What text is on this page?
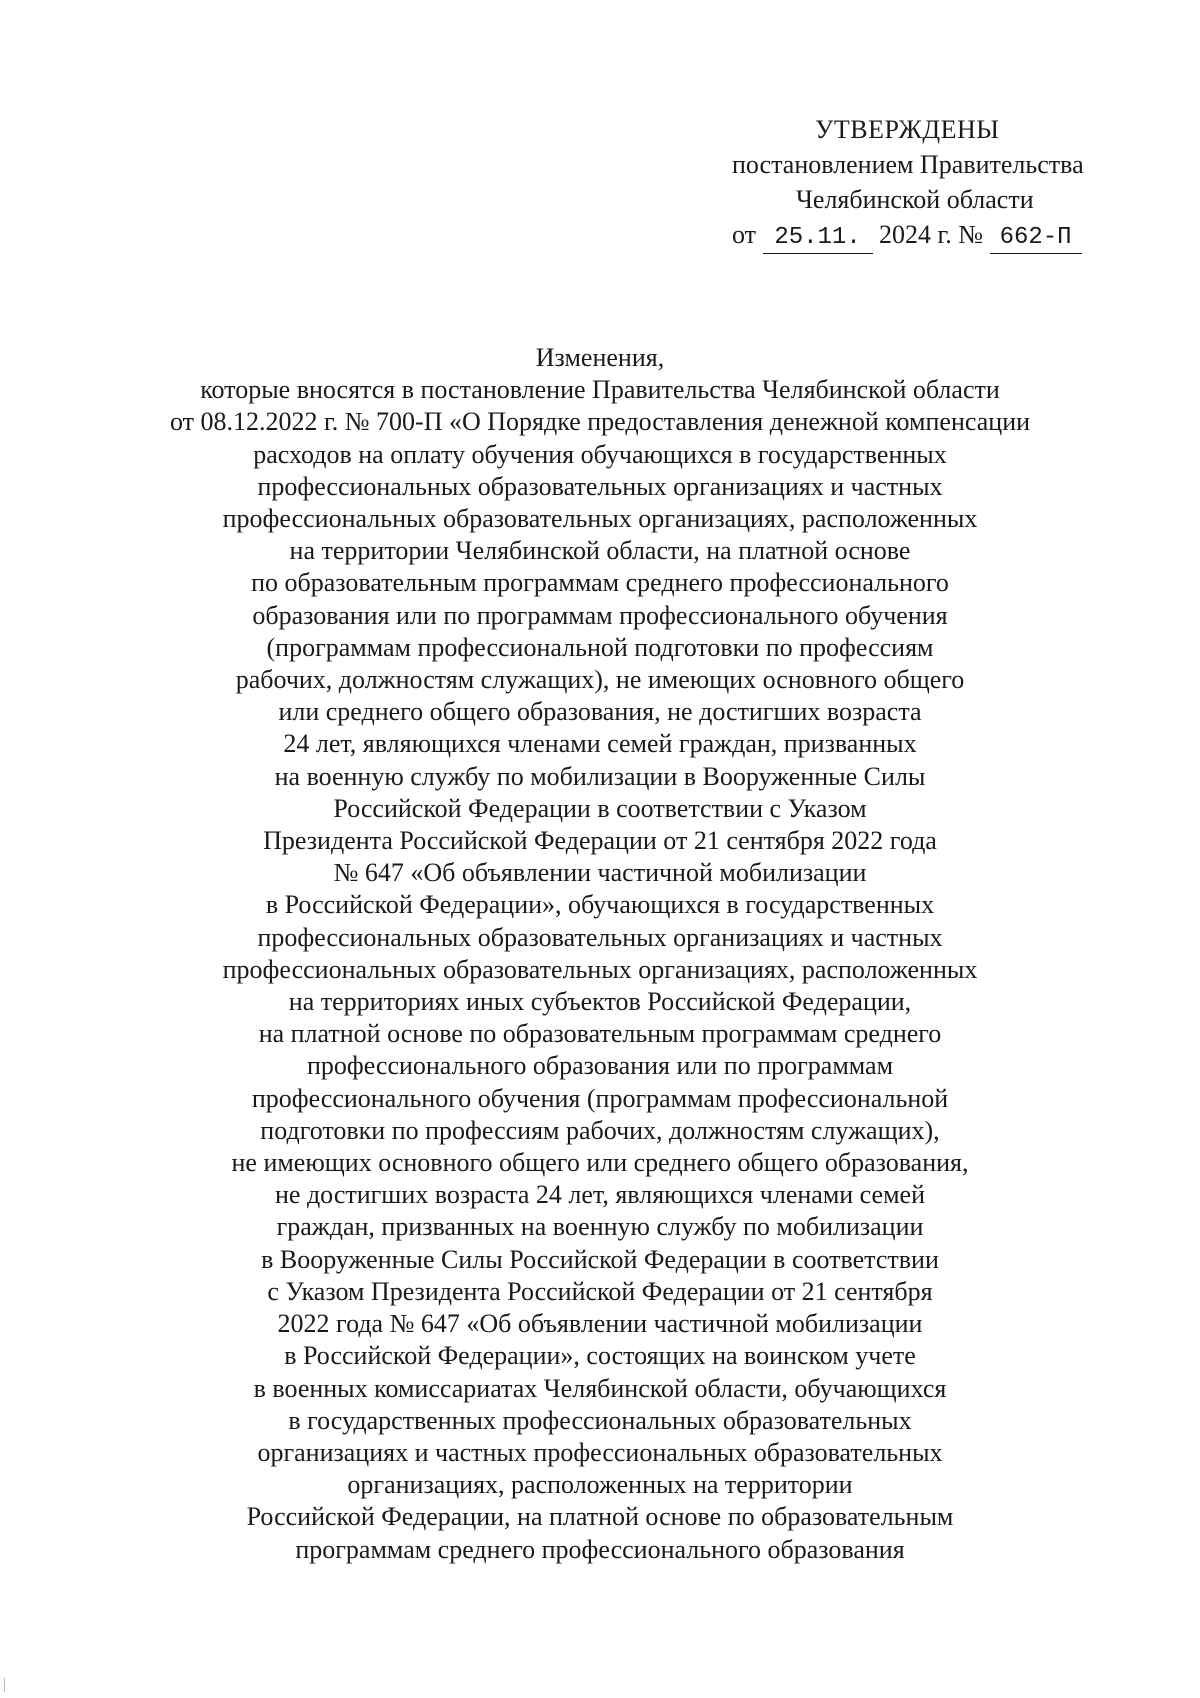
УТВЕРЖДЕНЫ
постановлением Правительства
Челябинской области
от 25.11. 2024 г. № 662-П
Изменения,
которые вносятся в постановление Правительства Челябинской области
от 08.12.2022 г. № 700-П «О Порядке предоставления денежной компенсации
расходов на оплату обучения обучающихся в государственных
профессиональных образовательных организациях и частных
профессиональных образовательных организациях, расположенных
на территории Челябинской области, на платной основе
по образовательным программам среднего профессионального
образования или по программам профессионального обучения
(программам профессиональной подготовки по профессиям
рабочих, должностям служащих), не имеющих основного общего
или среднего общего образования, не достигших возраста
24 лет, являющихся членами семей граждан, призванных
на военную службу по мобилизации в Вооруженные Силы
Российской Федерации в соответствии с Указом
Президента Российской Федерации от 21 сентября 2022 года
№ 647 «Об объявлении частичной мобилизации
в Российской Федерации», обучающихся в государственных
профессиональных образовательных организациях и частных
профессиональных образовательных организациях, расположенных
на территориях иных субъектов Российской Федерации,
на платной основе по образовательным программам среднего
профессионального образования или по программам
профессионального обучения (программам профессиональной
подготовки по профессиям рабочих, должностям служащих),
не имеющих основного общего или среднего общего образования,
не достигших возраста 24 лет, являющихся членами семей
граждан, призванных на военную службу по мобилизации
в Вооруженные Силы Российской Федерации в соответствии
с Указом Президента Российской Федерации от 21 сентября
2022 года № 647 «Об объявлении частичной мобилизации
в Российской Федерации», состоящих на воинском учете
в военных комиссариатах Челябинской области, обучающихся
в государственных профессиональных образовательных
организациях и частных профессиональных образовательных
организациях, расположенных на территории
Российской Федерации, на платной основе по образовательным
программам среднего профессионального образования
